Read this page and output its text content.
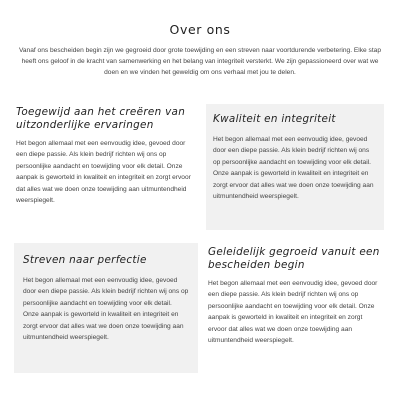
Over ons

Vanaf ons bescheiden begin zijn we gegroeid door grote toewijding en een streven naar voortdurende verbetering. Elke stap heeft ons geloof in de kracht van samenwerking en het belang van integriteit versterkt. We zijn gepassioneerd over wat we doen en we vinden het geweldig om ons verhaal met jou te delen.

Toegewijd aan het creëren van uitzonderlijke ervaringen

Het begon allemaal met een eenvoudig idee, gevoed door een diepe passie. Als klein bedrijf richten wij ons op persoonlijke aandacht en toewijding voor elk detail. Onze aanpak is geworteld in kwaliteit en integriteit en zorgt ervoor dat alles wat we doen onze toewijding aan uitmuntendheid weerspiegelt.

Kwaliteit en integriteit

Het begon allemaal met een eenvoudig idee, gevoed door een diepe passie. Als klein bedrijf richten wij ons op persoonlijke aandacht en toewijding voor elk detail. Onze aanpak is geworteld in kwaliteit en integriteit en zorgt ervoor dat alles wat we doen onze toewijding aan uitmuntendheid weerspiegelt.

Streven naar perfectie

Het begon allemaal met een eenvoudig idee, gevoed door een diepe passie. Als klein bedrijf richten wij ons op persoonlijke aandacht en toewijding voor elk detail. Onze aanpak is geworteld in kwaliteit en integriteit en zorgt ervoor dat alles wat we doen onze toewijding aan uitmuntendheid weerspiegelt.

Geleidelijk gegroeid vanuit een bescheiden begin

Het begon allemaal met een eenvoudig idee, gevoed door een diepe passie. Als klein bedrijf richten wij ons op persoonlijke aandacht en toewijding voor elk detail. Onze aanpak is geworteld in kwaliteit en integriteit en zorgt ervoor dat alles wat we doen onze toewijding aan uitmuntendheid weerspiegelt.
